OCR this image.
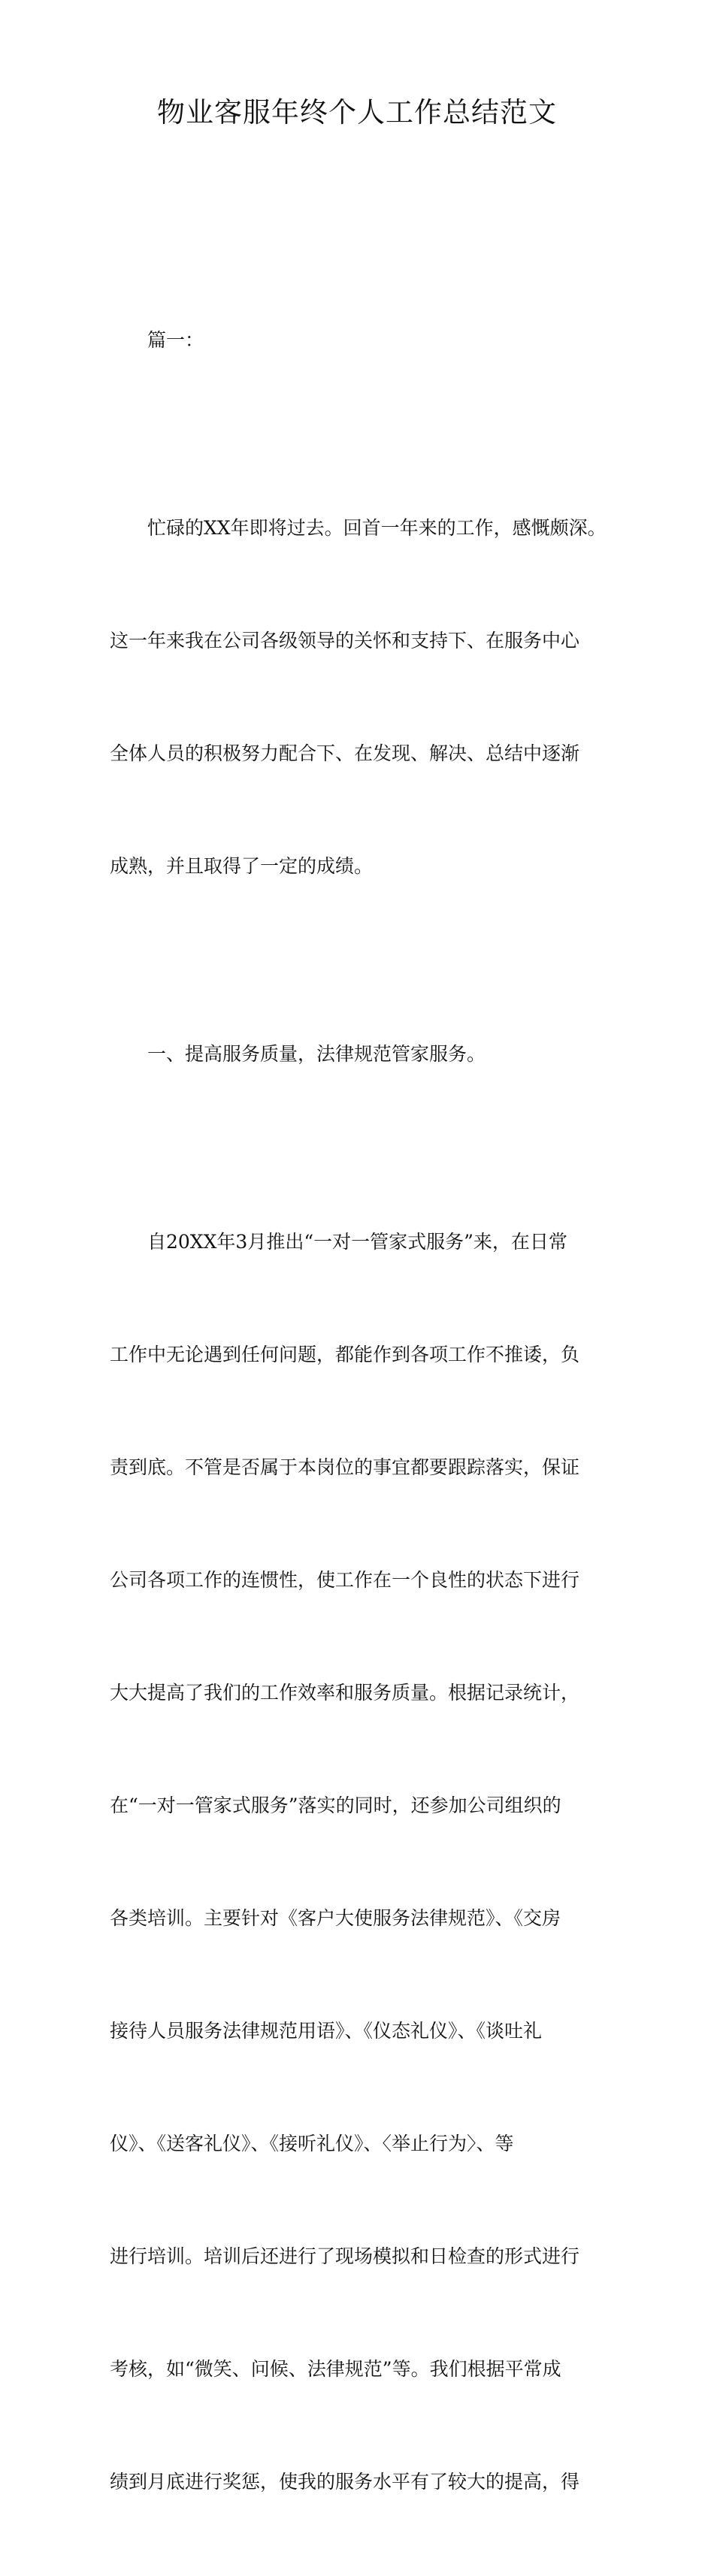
物业客服年终个人工作总结范文

篇一：

忙碌的XX年即将过去。回首一年来的工作，感慨颇深。

这一年来我在公司各级领导的关怀和支持下、在服务中心

全体人员的积极努力配合下、在发现、解决、总结中逐渐

成熟，并且取得了一定的成绩。

一、提高服务质量，法律规范管家服务。

自20XX年3月推出“一对一管家式服务”来，在日常

工作中无论遇到任何问题，都能作到各项工作不推诿，负

责到底。不管是否属于本岗位的事宜都要跟踪落实，保证

公司各项工作的连惯性，使工作在一个良性的状态下进行

大大提高了我们的工作效率和服务质量。根据记录统计，

在“一对一管家式服务”落实的同时，还参加公司组织的

各类培训。主要针对《客户大使服务法律规范》、《交房

接待人员服务法律规范用语》、《仪态礼仪》、《谈吐礼

仪》、《送客礼仪》、《接听礼仪》、〈举止行为〉、等

进行培训。培训后还进行了现场模拟和日检查的形式进行

考核，如“微笑、问候、法律规范”等。我们根据平常成

绩到月底进行奖惩，使我的服务水平有了较大的提高，得
